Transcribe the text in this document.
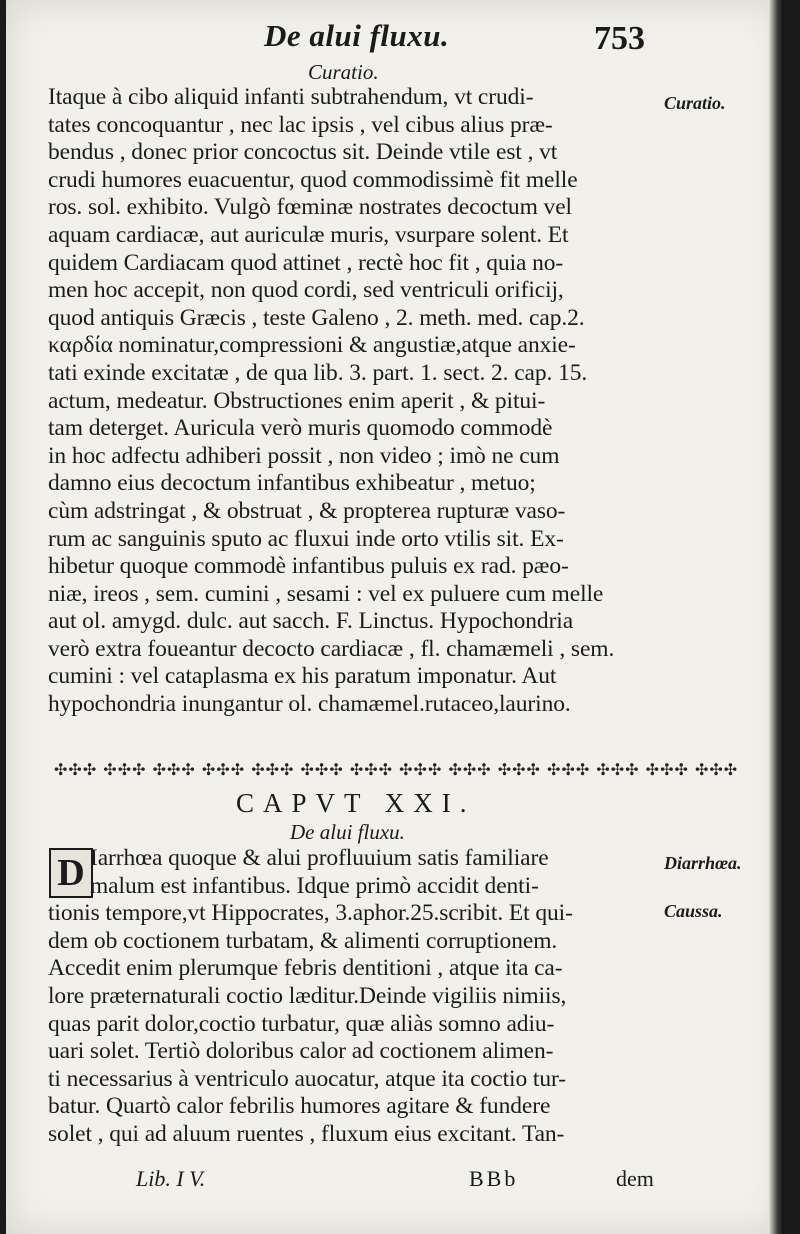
De alui fluxu.	753
Curatio.
Curatio.
Itaque à cibo aliquid infanti subtrahendum, vt crudi-
tates concoquantur , nec lac ipsis , vel cibus alius præ-
bendus , donec prior concoctus sit. Deinde vtile est , vt
crudi humores euacuentur, quod commodissimè fit melle
ros. sol. exhibito. Vulgò fœminæ nostrates decoctum vel
aquam cardiacæ, aut auriculæ muris, vsurpare solent. Et
quidem Cardiacam quod attinet , rectè hoc fit , quia no-
men hoc accepit, non quod cordi, sed ventriculi orificij,
quod antiquis Græcis , teste Galeno , 2. meth. med. cap.2.
καρδία nominatur,compressioni & angustiæ,atque anxie-
tati exinde excitatæ , de qua lib. 3. part. 1. sect. 2. cap. 15.
actum, medeatur. Obstructiones enim aperit , & pitui-
tam deterget. Auricula verò muris quomodo commodè
in hoc adfectu adhiberi possit , non video ; imò ne cum
damno eius decoctum infantibus exhibeatur , metuo;
cùm adstringat , & obstruat , & propterea rupturæ vaso-
rum ac sanguinis sputo ac fluxui inde orto vtilis sit. Ex-
hibetur quoque commodè infantibus puluis ex rad. pæo-
niæ, ireos , sem. cumini , sesami : vel ex puluere cum melle
aut ol. amygd. dulc. aut sacch. F. Linctus. Hypochondria
verò extra foueantur decocto cardiacæ , fl. chamæmeli , sem.
cumini : vel cataplasma ex his paratum imponatur. Aut
hypochondria inungantur ol. chamæmel.rutaceo,laurino.
✣✣✣ ✣✣✣ ✣✣✣ ✣✣✣ ✣✣✣ ✣✣✣ ✣✣✣ ✣✣✣ ✣✣✣ ✣✣✣ ✣✣✣ ✣✣✣ ✣✣✣ ✣✣✣
CAPVT XXI.
De alui fluxu.
D	Diarrhœa.
Caussa.
Iarrhœa quoque & alui profluuium satis familiare
malum est infantibus. Idque primò accidit denti-
tionis tempore,vt Hippocrates, 3.aphor.25.scribit. Et qui-
dem ob coctionem turbatam, & alimenti corruptionem.
Accedit enim plerumque febris dentitioni , atque ita ca-
lore præternaturali coctio læditur.Deinde vigiliis nimiis,
quas parit dolor,coctio turbatur, quæ aliàs somno adiu-
uari solet. Tertiò doloribus calor ad coctionem alimen-
ti necessarius à ventriculo auocatur, atque ita coctio tur-
batur. Quartò calor febrilis humores agitare & fundere
solet , qui ad aluum ruentes , fluxum eius excitant. Tan-
Lib. I V.	BBb	dem
